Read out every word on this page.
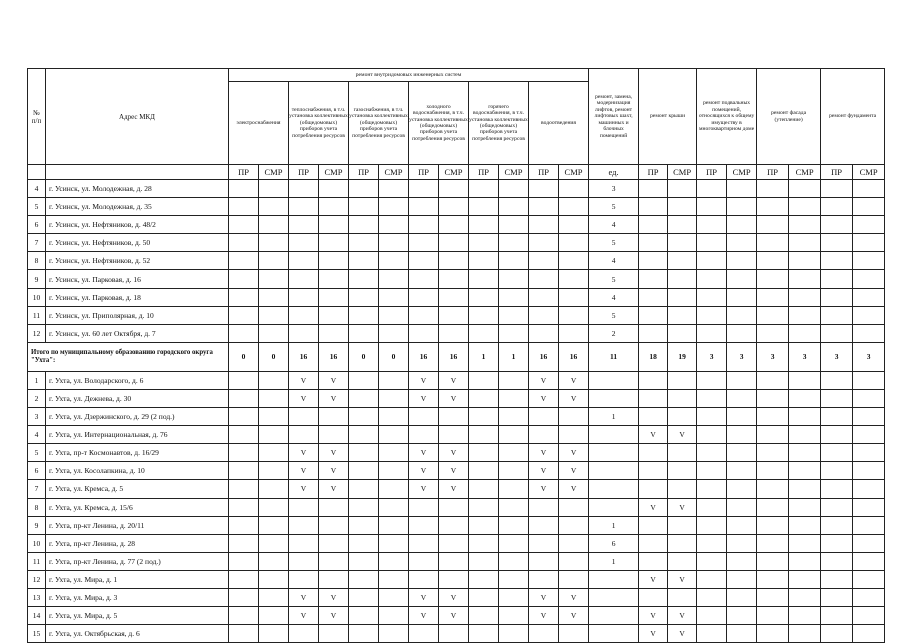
№
п/п	Адрес МКД	ремонт внутридомовых инженерных систем												ремонт, замена, модернизация лифтов, ремонт лифтовых шахт, машинных и блочных помещений	ремонт крыши		ремонт подвальных помещений, относящихся к общему имуществу в многоквартирном доме		ремонт фасада (утепление)		ремонт фундамента	
		электроснабжения		теплоснабжения, в т.ч. установка коллективных (общедомовых) приборов учета потребления ресурсов		газоснабжения, в т.ч. установка коллективных (общедомовых) приборов учета потребления ресурсов		холодного водоснабжения, в т.ч. установка коллективных (общедомовых) приборов учета потребления ресурсов		горячего водоснабжения, в т.ч. установка коллективных (общедомовых) приборов учета потребления ресурсов		водоотведения										
		ПР	СМР	ПР	СМР	ПР	СМР	ПР	СМР	ПР	СМР	ПР	СМР	ед.	ПР	СМР	ПР	СМР	ПР	СМР	ПР	СМР
4	г. Усинск, ул. Молодежная, д. 28													3								
5	г. Усинск, ул. Молодежная, д. 35													5								
6	г. Усинск, ул. Нефтяников, д. 48/2													4								
7	г. Усинск, ул. Нефтяников, д. 50													5								
8	г. Усинск, ул. Нефтяников, д. 52													4								
9	г. Усинск, ул. Парковая, д. 16													5								
10	г. Усинск, ул. Парковая, д. 18													4								
11	г. Усинск, ул. Приполярная, д. 10													5								
12	г. Усинск, ул. 60 лет Октября, д. 7													2								
Итого по муниципальному образованию городского округа "Ухта":		0	0	16	16	0	0	16	16	1	1	16	16	11	18	19	3	3	3	3	3	3
1	г. Ухта, ул. Володарского, д. 6			V	V			V	V			V	V									
2	г. Ухта, ул. Дежнева, д. 30			V	V			V	V			V	V									
3	г. Ухта, ул. Дзержинского, д. 29 (2 под.)													1								
4	г. Ухта, ул. Интернациональная, д. 76														V	V						
5	г. Ухта, пр-т Космонавтов, д. 16/29			V	V			V	V			V	V									
6	г. Ухта, ул. Косолапкина, д. 10			V	V			V	V			V	V									
7	г. Ухта, ул. Кремса, д. 5			V	V			V	V			V	V									
8	г. Ухта, ул. Кремса, д. 15/6														V	V						
9	г. Ухта, пр-кт Ленина, д. 20/11													1								
10	г. Ухта, пр-кт Ленина, д. 28													6								
11	г. Ухта, пр-кт Ленина, д. 77 (2 под.)													1								
12	г. Ухта, ул. Мира, д. 1														V	V						
13	г. Ухта, ул. Мира, д. 3			V	V			V	V			V	V									
14	г. Ухта, ул. Мира, д. 5			V	V			V	V			V	V		V	V						
15	г. Ухта, ул. Октябрьская, д. 6														V	V						
